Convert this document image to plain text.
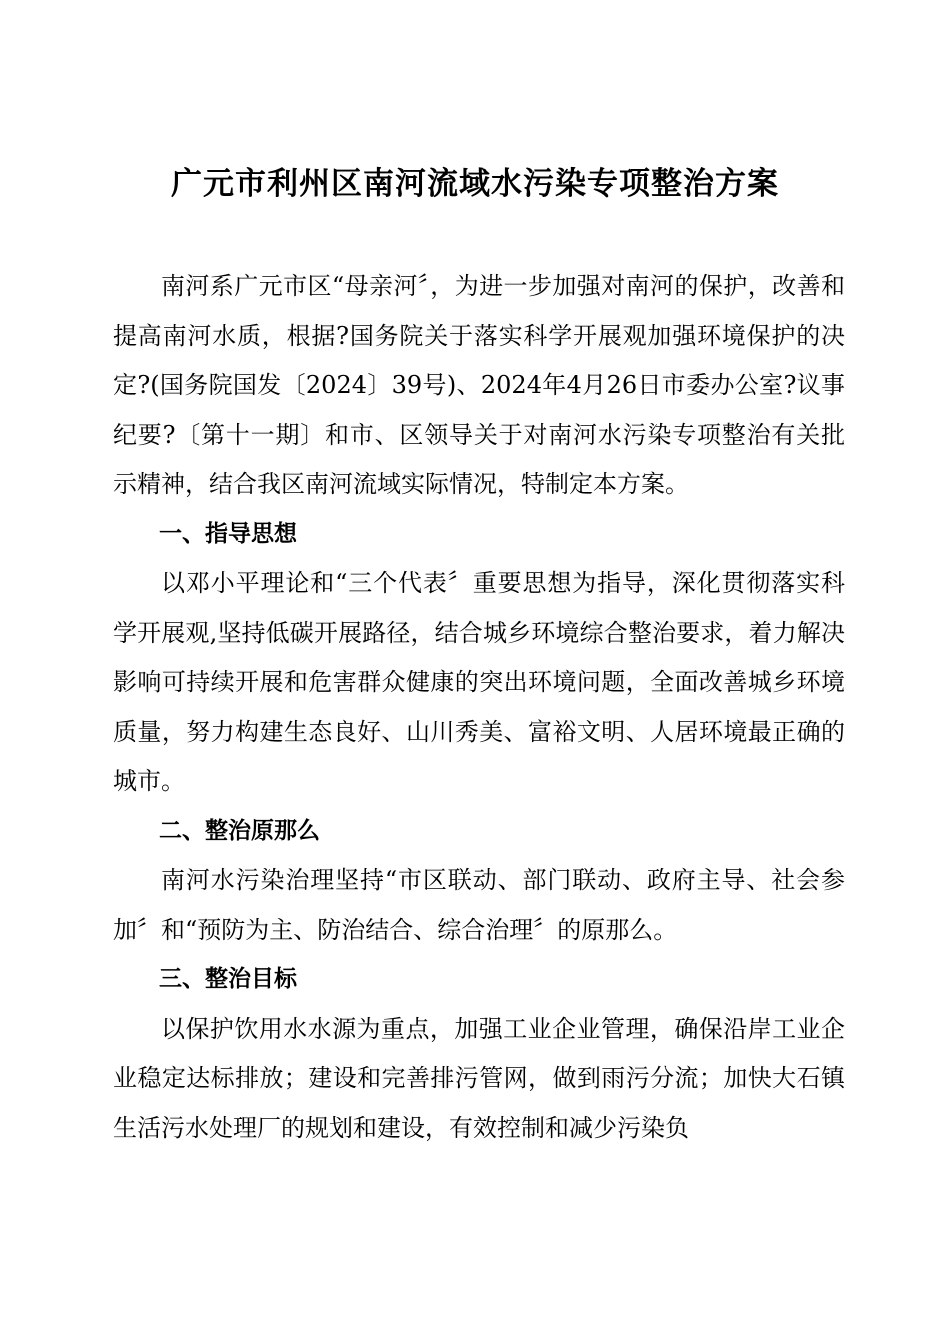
广元市利州区南河流域水污染专项整治方案

南河系广元市区“母亲河〞，为进一步加强对南河的保护，改善和提高南河水质，根据?国务院关于落实科学开展观加强环境保护的决定?(国务院国发〔2024〕39号)、2024年4月26日市委办公室?议事纪要?〔第十一期〕和市、区领导关于对南河水污染专项整治有关批示精神，结合我区南河流域实际情况，特制定本方案。

一、指导思想

以邓小平理论和“三个代表〞重要思想为指导，深化贯彻落实科学开展观,坚持低碳开展路径，结合城乡环境综合整治要求，着力解决影响可持续开展和危害群众健康的突出环境问题，全面改善城乡环境质量，努力构建生态良好、山川秀美、富裕文明、人居环境最正确的城市。

二、整治原那么

南河水污染治理坚持“市区联动、部门联动、政府主导、社会参加〞和“预防为主、防治结合、综合治理〞的原那么。

三、整治目标

以保护饮用水水源为重点，加强工业企业管理，确保沿岸工业企业稳定达标排放；建设和完善排污管网，做到雨污分流；加快大石镇生活污水处理厂的规划和建设，有效控制和减少污染负
